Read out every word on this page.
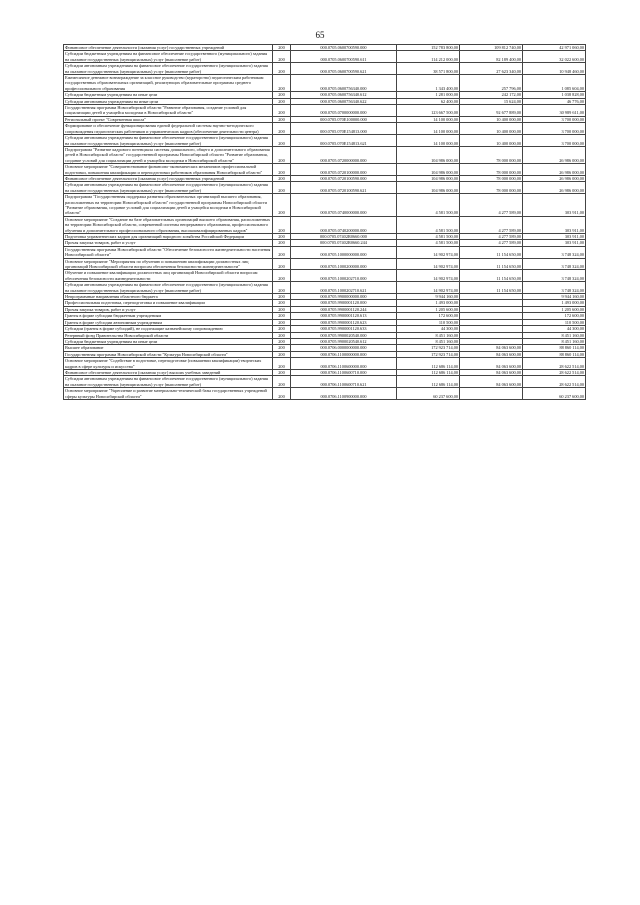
65
Финансовое обеспечение деятельности (оказания услуг) государственных учреждений	200	000.0705.0600700590.000	152 783 800,00	109 812 740,00	42 971 060,00
Субсидии бюджетным учреждениям на финансовое обеспечение государственного (муниципального) задания на оказание государственных (муниципальных) услуг (выполнение работ)	200	000.0705.0600700590.611	114 212 000,00	82 189 400,00	32 022 600,00
Субсидии автономным учреждениям на финансовое обеспечение государственного (муниципального) задания на оказание государственных (муниципальных) услуг (выполнение работ)	200	000.0705.0600700590.621	38 571 800,00	27 623 340,00	10 948 460,00
Ежемесячное денежное вознаграждение за классное руководство (кураторство) педагогическим работникам государственных образовательных организаций, реализующих образовательные программы среднего профессионального образования	200	000.0705.0600756340.000	1 343 400,00	257 796,00	1 085 604,00
Субсидии бюджетным учреждениям на иные цели	200	000.0705.0600756340.612	1 281 000,00	242 172,00	1 038 828,00
Субсидии автономным учреждениям на иные цели	200	000.0705.0600756340.622	62 400,00	15 624,00	46 776,00
Государственная программа Новосибирской области "Развитие образования, создание условий для социализации детей и учащейся молодежи в Новосибирской области"	200	000.0705.0700000000.000	123 667 500,00	92 677 889,00	30 989 611,00
Региональный проект "Современная школа"	200	000.0705.070E100000.000	14 100 000,00	10 400 000,00	3 700 000,00
Формирование и обеспечение функционирования единой федеральной системы научно-методического сопровождения педагогических работников и управленческих кадров (обеспечение деятельности центра)	200	000.0705.070E154813.000	14 100 000,00	10 400 000,00	3 700 000,00
Субсидии автономным учреждениям на финансовое обеспечение государственного (муниципального) задания на оказание государственных (муниципальных) услуг (выполнение работ)	200	000.0705.070E154813.621	14 100 000,00	10 400 000,00	3 700 000,00
Подпрограмма "Развитие кадрового потенциала системы дошкольного, общего и дополнительного образования детей в Новосибирской области" государственной программы Новосибирской области "Развитие образования, создание условий для социализации детей и учащейся молодежи в Новосибирской области"	200	000.0705.0720000000.000	104 986 000,00	78 000 000,00	26 986 000,00
Основное мероприятие "Совершенствование финансово-экономических механизмов профессиональной подготовки, повышения квалификации и переподготовки работников образования Новосибирской области"	200	000.0705.0720100000.000	104 986 000,00	78 000 000,00	26 986 000,00
Финансовое обеспечение деятельности (оказания услуг) государственных учреждений	200	000.0705.0720100590.000	104 986 000,00	78 000 000,00	26 986 000,00
Субсидии автономным учреждениям на финансовое обеспечение государственного (муниципального) задания на оказание государственных (муниципальных) услуг (выполнение работ)	200	000.0705.0720100590.621	104 986 000,00	78 000 000,00	26 986 000,00
Подпрограмма "Государственная поддержка развития образовательных организаций высшего образования, расположенных на территории Новосибирской области" государственной программы Новосибирской области "Развитие образования, создание условий для социализации детей и учащейся молодежи в Новосибирской области"	200	000.0705.0740000000.000	4 581 500,00	4 277 589,00	303 911,00
Основное мероприятие "Создание на базе образовательных организаций высшего образования, расположенных на территории Новосибирской области, современной системы непрерывного образования, профессионального обучения и дополнительного профессионального образования, высококвалифицированных кадров"	200	000.0705.0740200000.000	4 581 500,00	4 277 589,00	303 911,00
Подготовка управленческих кадров для организаций народного хозяйства Российской Федерации	200	000.0705.07402R0660.000	4 581 500,00	4 277 589,00	303 911,00
Прочая закупка товаров, работ и услуг	200	000.0705.07402R0660.244	4 581 500,00	4 277 589,00	303 911,00
Государственная программа Новосибирской области "Обеспечение безопасности жизнедеятельности населения Новосибирской области"	200	000.0705.1000000000.000	14 902 974,00	11 154 650,00	3 748 324,00
Основное мероприятие "Мероприятия по обучению и повышению квалификации должностных лиц организаций Новосибирской области вопросам обеспечения безопасности жизнедеятельности"	200	000.0705.1000200000.000	14 902 974,00	11 154 650,00	3 748 324,00
Обучение и повышение квалификации должностных лиц организаций Новосибирской области вопросам обеспечения безопасности жизнедеятельности	200	000.0705.1000202710.000	14 902 974,00	11 154 650,00	3 748 324,00
Субсидии автономным учреждениям на финансовое обеспечение государственного (муниципального) задания на оказание государственных (муниципальных) услуг (выполнение работ)	200	000.0705.1000202710.621	14 902 974,00	11 154 650,00	3 748 324,00
Непрограммные направления областного бюджета	200	000.0705.9900000000.000	9 944 160,00		9 944 160,00
Профессиональная подготовка, переподготовка и повышение квалификации	200	000.0705.9900001120.000	1 493 000,00		1 493 000,00
Прочая закупка товаров, работ и услуг	200	000.0705.9900001120.244	1 205 600,00		1 205 600,00
Гранты в форме субсидии бюджетным учреждениям	200	000.0705.9900001120.613	172 600,00		172 600,00
Гранты в форме субсидии автономным учреждениям	200	000.0705.9900001120.623	110 500,00		110 500,00
Субсидии (гранты в форме субсидий), не подлежащие казначейскому сопровождению	200	000.0705.9900001120.633	44 300,00		44 300,00
Резервный фонд Правительства Новосибирской области	200	000.0705.9900020540.000	8 451 160,00		8 451 160,00
Субсидии бюджетным учреждениям на иные цели	200	000.0705.9900020540.612	8 451 160,00		8 451 160,00
Высшее образование	200	000.0706.0000000000.000	172 923 714,00	84 063 600,00	88 860 114,00
Государственная программа Новосибирской области "Культура Новосибирской области"	200	000.0706.1100000000.000	172 923 714,00	84 063 600,00	88 860 114,00
Основное мероприятие "Содействие в подготовке, переподготовке (повышении квалификации) творческих кадров в сфере культуры и искусства"	200	000.0706.1100600000.000	112 686 114,00	84 063 600,00	28 622 514,00
Финансовое обеспечение деятельности (оказания услуг) высших учебных заведений	200	000.0706.1100600710.000	112 686 114,00	84 063 600,00	28 622 514,00
Субсидии автономным учреждениям на финансовое обеспечение государственного (муниципального) задания на оказание государственных (муниципальных) услуг (выполнение работ)	200	000.0706.1100600710.621	112 686 114,00	84 063 600,00	28 622 514,00
Основное мероприятие "Укрепление и развитие материально-технической базы государственных учреждений сферы культуры Новосибирской области"	200	000.0706.1100900000.000	60 237 600,00		60 237 600,00
